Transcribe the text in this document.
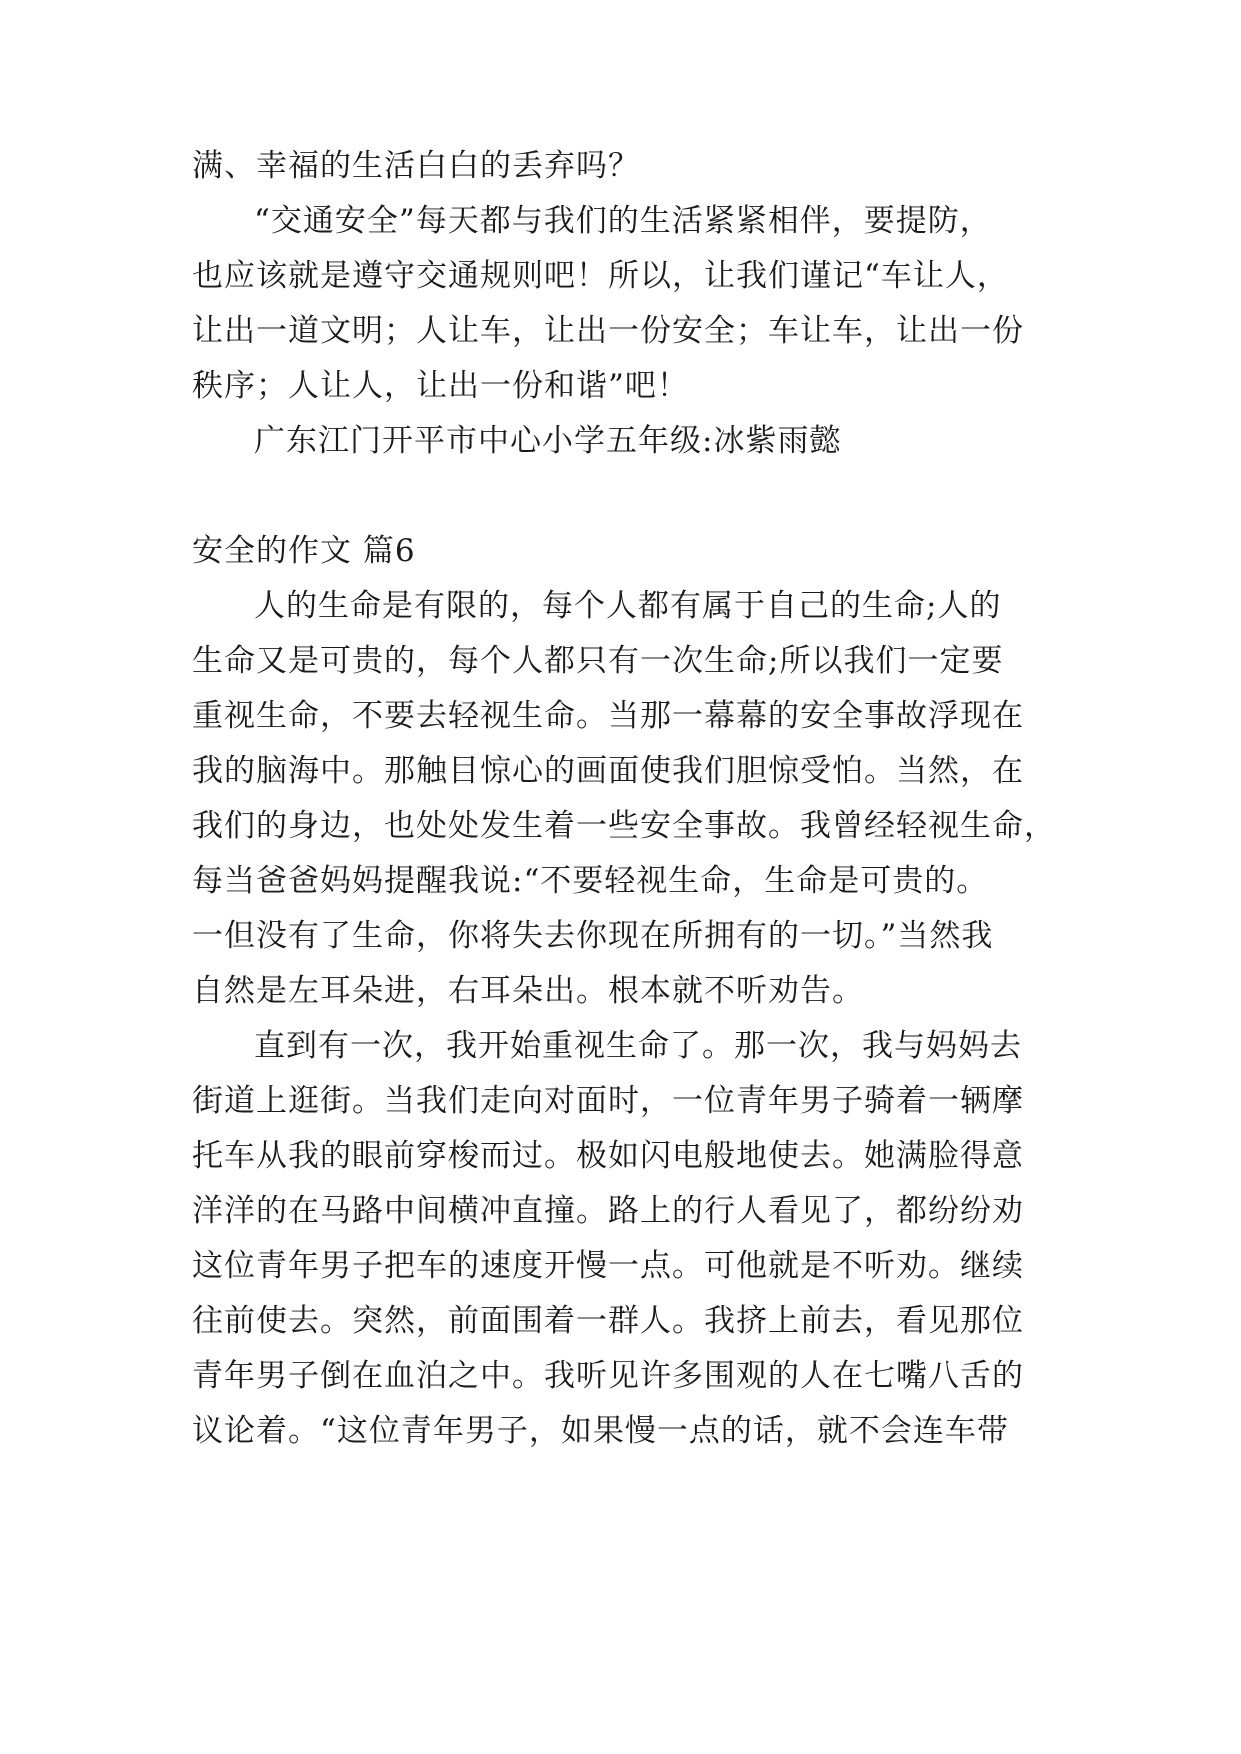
满、幸福的生活白白的丢弃吗？

“交通安全”每天都与我们的生活紧紧相伴，要提防，

也应该就是遵守交通规则吧！所以，让我们谨记“车让人，

让出一道文明；人让车，让出一份安全；车让车，让出一份

秩序；人让人，让出一份和谐”吧！

广东江门开平市中心小学五年级:冰紫雨懿

安全的作文 篇6

人的生命是有限的，每个人都有属于自己的生命;人的

生命又是可贵的，每个人都只有一次生命;所以我们一定要

重视生命，不要去轻视生命。当那一幕幕的安全事故浮现在

我的脑海中。那触目惊心的画面使我们胆惊受怕。当然，在

我们的身边，也处处发生着一些安全事故。我曾经轻视生命，

每当爸爸妈妈提醒我说:“不要轻视生命，生命是可贵的。

一但没有了生命，你将失去你现在所拥有的一切。”当然我

自然是左耳朵进，右耳朵出。根本就不听劝告。

直到有一次，我开始重视生命了。那一次，我与妈妈去

街道上逛街。当我们走向对面时，一位青年男子骑着一辆摩

托车从我的眼前穿梭而过。极如闪电般地使去。她满脸得意

洋洋的在马路中间横冲直撞。路上的行人看见了，都纷纷劝

这位青年男子把车的速度开慢一点。可他就是不听劝。继续

往前使去。突然，前面围着一群人。我挤上前去，看见那位

青年男子倒在血泊之中。我听见许多围观的人在七嘴八舌的

议论着。“这位青年男子，如果慢一点的话，就不会连车带
